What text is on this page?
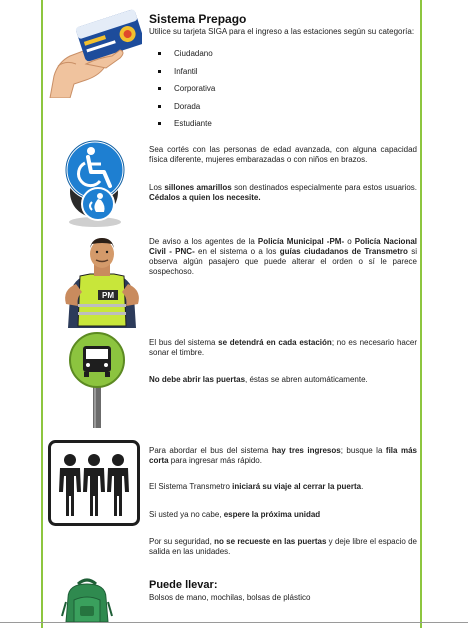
Sistema Prepago
Utilice su tarjeta SIGA para el ingreso a las estaciones según su categoría:
Ciudadano
Infantil
Corporativa
Dorada
Estudiante
Sea cortés con las personas de edad avanzada, con alguna capacidad física diferente, mujeres embarazadas o con niños en brazos.
Los sillones amarillos son destinados especialmente para estos usuarios. Cédalos a quien los necesite.
PM
De aviso a los agentes de la Policía Municipal -PM- o Policía Nacional Civil - PNC- en el sistema o a los guías ciudadanos de Transmetro si observa algún pasajero que puede alterar el orden o sí le parece sospechoso.
El bus del sistema se detendrá en cada estación; no es necesario hacer sonar el timbre.
No debe abrir las puertas, éstas se abren automáticamente.
Para abordar el bus del sistema hay tres ingresos; busque la fila más corta para ingresar más rápido.
El Sistema Transmetro iniciará su viaje al cerrar la puerta.
Si usted ya no cabe, espere la próxima unidad
Por su seguridad, no se recueste en las puertas y deje libre el espacio de salida en las unidades.
Puede llevar:
Bolsos de mano, mochilas, bolsas de plástico
